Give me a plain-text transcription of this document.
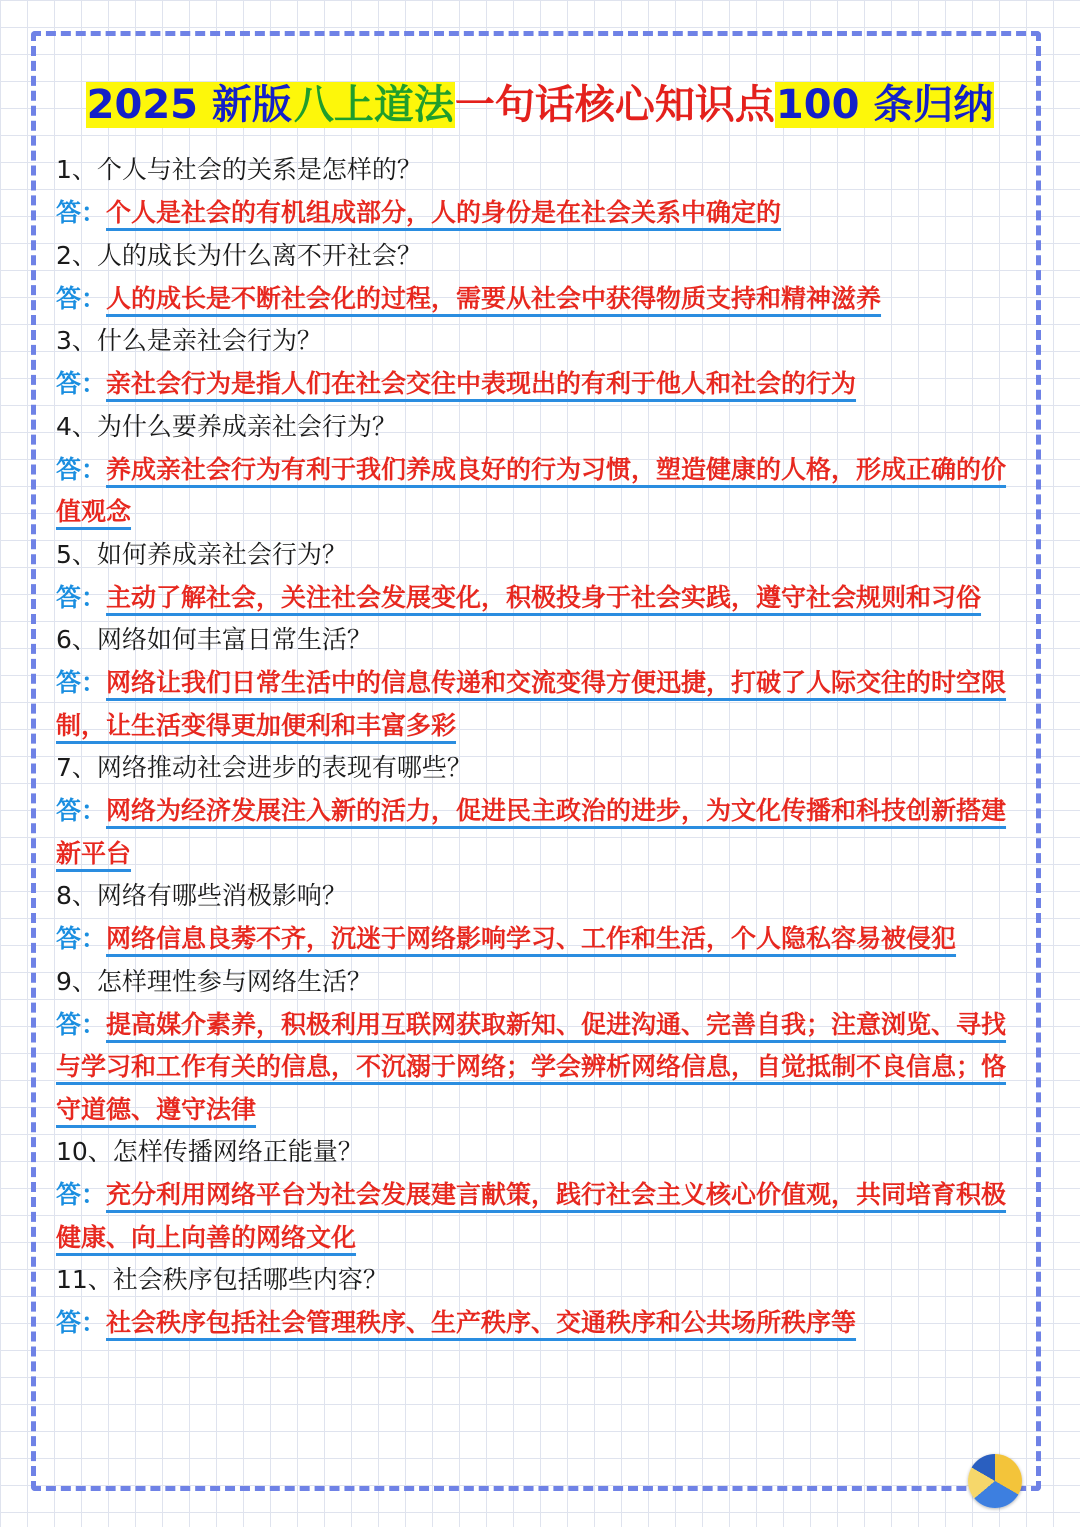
2025 新版八上道法一句话核心知识点100 条归纳
1、个人与社会的关系是怎样的？
答：个人是社会的有机组成部分，人的身份是在社会关系中确定的
2、人的成长为什么离不开社会？
答：人的成长是不断社会化的过程，需要从社会中获得物质支持和精神滋养
3、什么是亲社会行为？
答：亲社会行为是指人们在社会交往中表现出的有利于他人和社会的行为
4、为什么要养成亲社会行为？
答：养成亲社会行为有利于我们养成良好的行为习惯，塑造健康的人格，形成正确的价值观念
5、如何养成亲社会行为？
答：主动了解社会，关注社会发展变化，积极投身于社会实践，遵守社会规则和习俗
6、网络如何丰富日常生活？
答：网络让我们日常生活中的信息传递和交流变得方便迅捷，打破了人际交往的时空限制，让生活变得更加便利和丰富多彩
7、网络推动社会进步的表现有哪些？
答：网络为经济发展注入新的活力，促进民主政治的进步，为文化传播和科技创新搭建新平台
8、网络有哪些消极影响？
答：网络信息良莠不齐，沉迷于网络影响学习、工作和生活，个人隐私容易被侵犯
9、怎样理性参与网络生活？
答：提高媒介素养，积极利用互联网获取新知、促进沟通、完善自我；注意浏览、寻找与学习和工作有关的信息，不沉溺于网络；学会辨析网络信息，自觉抵制不良信息；恪守道德、遵守法律
10、怎样传播网络正能量？
答：充分利用网络平台为社会发展建言献策，践行社会主义核心价值观，共同培育积极健康、向上向善的网络文化
11、社会秩序包括哪些内容？
答：社会秩序包括社会管理秩序、生产秩序、交通秩序和公共场所秩序等
